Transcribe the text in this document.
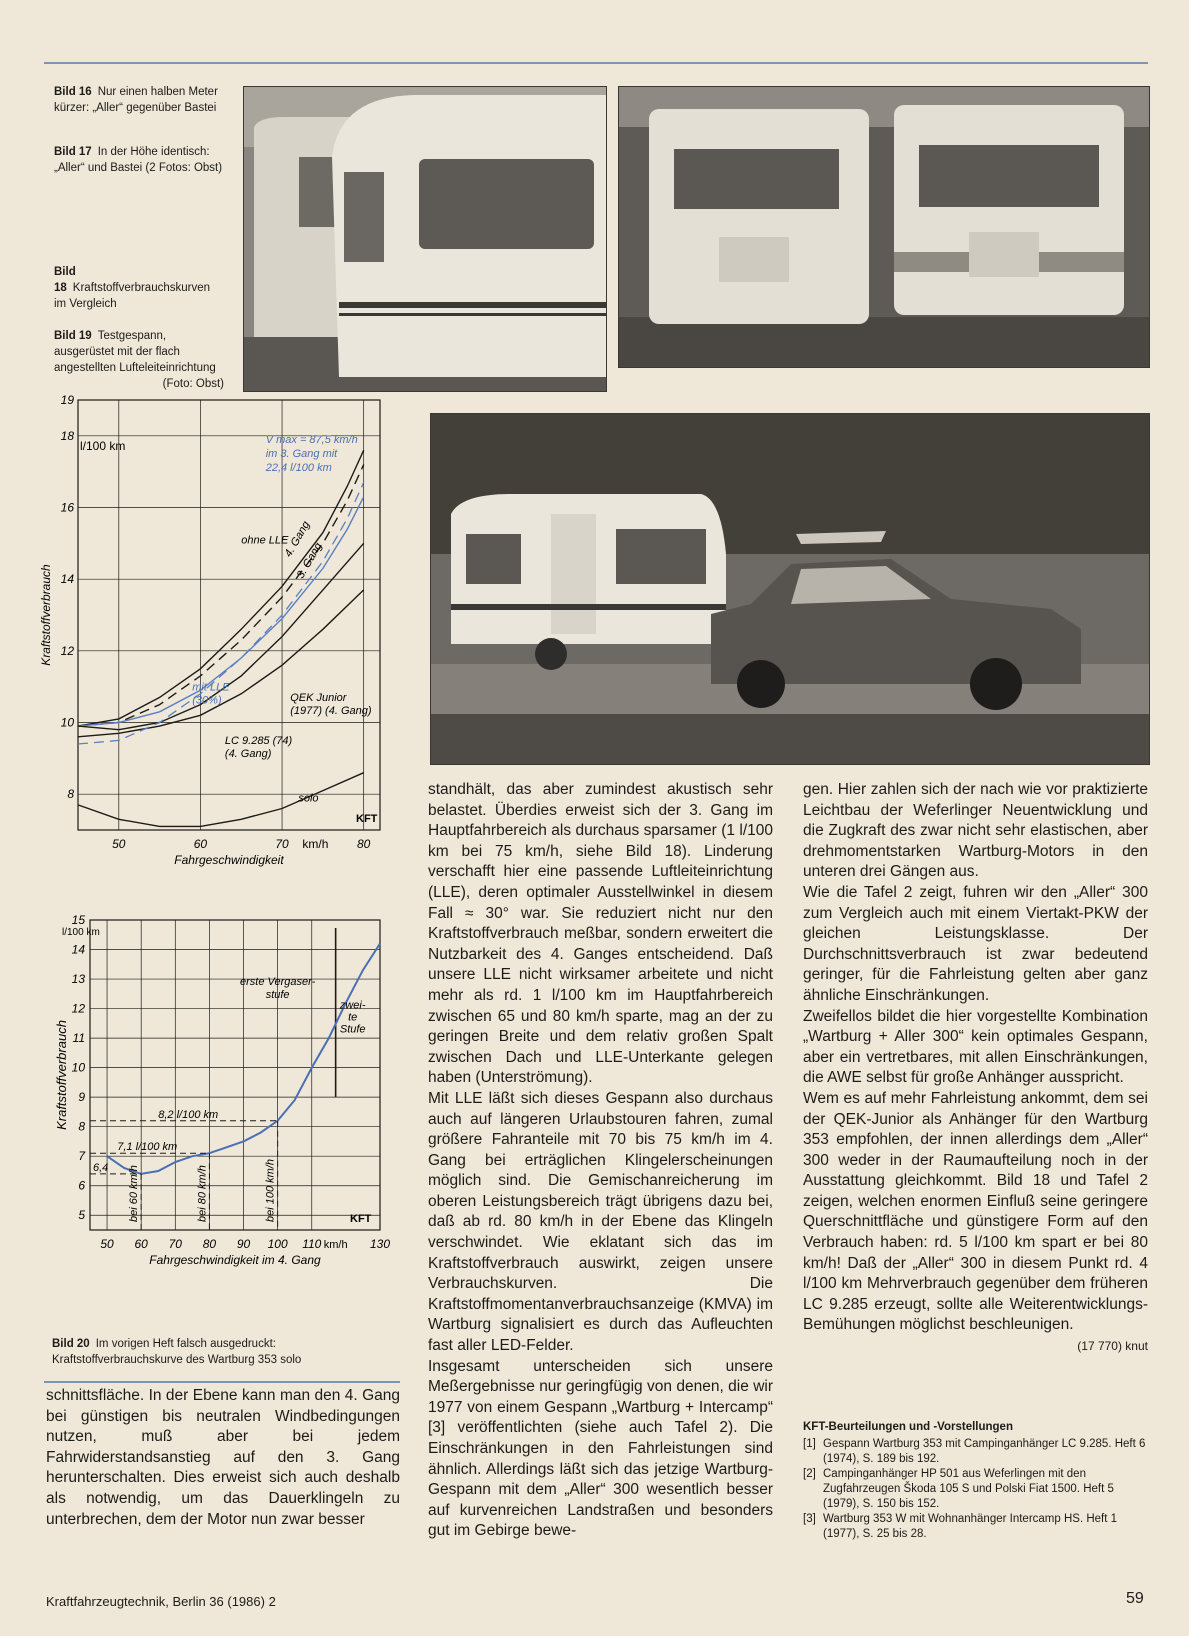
Bild 16 Nur einen halben Meter kürzer: „Aller“ gegenüber Bastei
Bild 17 In der Höhe identisch: „Aller“ und Bastei (2 Fotos: Obst)
Bild 18 Kraftstoffverbrauchskurven im Vergleich
Bild 19 Testgespann, ausgerüstet mit der flach angestellten Lufteleiteinrichtung
(Foto: Obst)
50	60	70	80
8
10
12
14
16
18
19
km/h
Fahrgeschwindigkeit
l/100 km
Kraftstoffverbrauch
KFT
V max = 87,5 km/h
im 3. Gang mit
22,4 l/100 km
ohne LLE
4. Gang
3. Gang
mit LLE
(30%)	QEK Junior
(1977) (4. Gang)
LC 9.285 (74)
(4. Gang)
solo
50 60 70 80 90 100 110	130
5
6
7
8
9
10
11
12
13
14
15
km/h
Fahrgeschwindigkeit im 4. Gang
l/100 km
Kraftstoffverbrauch
KFT
erste Vergaser-
stufe
zwei-
te
Stufe
8,2 l/100 km
7,1 l/100 km
6,4 bei 60 km/h	bei 80 km/h	bei 100 km/h
Bild 20 Im vorigen Heft falsch ausgedruckt: Kraftstoffverbrauchskurve des Wartburg 353 solo

schnittsfläche. In der Ebene kann man den 4. Gang bei günstigen bis neutralen Windbedingungen nutzen, muß aber bei jedem Fahrwiderstandsanstieg auf den 3. Gang herunterschalten. Dies erweist sich auch deshalb als notwendig, um das Dauerklingeln zu unterbrechen, dem der Motor nun zwar besser

standhält, das aber zumindest akustisch sehr belastet. Überdies erweist sich der 3. Gang im Hauptfahrbereich als durchaus sparsamer (1 l/100 km bei 75 km/h, siehe Bild 18). Linderung verschafft hier eine passende Luftleiteinrichtung (LLE), deren optimaler Ausstellwinkel in diesem Fall ≈ 30° war. Sie reduziert nicht nur den Kraftstoffverbrauch meßbar, sondern erweitert die Nutzbarkeit des 4. Ganges entscheidend. Daß unsere LLE nicht wirksamer arbeitete und nicht mehr als rd. 1 l/100 km im Hauptfahrbereich zwischen 65 und 80 km/h sparte, mag an der zu geringen Breite und dem relativ großen Spalt zwischen Dach und LLE-Unterkante gelegen haben (Unterströmung).

Mit LLE läßt sich dieses Gespann also durchaus auch auf längeren Urlaubstouren fahren, zumal größere Fahranteile mit 70 bis 75 km/h im 4. Gang bei erträglichen Klingelerscheinungen möglich sind. Die Gemischanreicherung im oberen Leistungsbereich trägt übrigens dazu bei, daß ab rd. 80 km/h in der Ebene das Klingeln verschwindet. Wie eklatant sich das im Kraftstoffverbrauch auswirkt, zeigen unsere Verbrauchskurven. Die Kraftstoffmomentanverbrauchsanzeige (KMVA) im Wartburg signalisiert es durch das Aufleuchten fast aller LED-Felder.

Insgesamt unterscheiden sich unsere Meßergebnisse nur geringfügig von denen, die wir 1977 von einem Gespann „Wartburg + Intercamp“ [3] veröffentlichten (siehe auch Tafel 2). Die Einschränkungen in den Fahrleistungen sind ähnlich. Allerdings läßt sich das jetzige Wartburg-Gespann mit dem „Aller“ 300 wesentlich besser auf kurvenreichen Landstraßen und besonders gut im Gebirge bewe-

gen. Hier zahlen sich der nach wie vor praktizierte Leichtbau der Weferlinger Neuentwicklung und die Zugkraft des zwar nicht sehr elastischen, aber drehmomentstarken Wartburg-Motors in den unteren drei Gängen aus.

Wie die Tafel 2 zeigt, fuhren wir den „Aller“ 300 zum Vergleich auch mit einem Viertakt-PKW der gleichen Leistungsklasse. Der Durchschnittsverbrauch ist zwar bedeutend geringer, für die Fahrleistung gelten aber ganz ähnliche Einschränkungen.

Zweifellos bildet die hier vorgestellte Kombination „Wartburg + Aller 300“ kein optimales Gespann, aber ein vertretbares, mit allen Einschränkungen, die AWE selbst für große Anhänger ausspricht.

Wem es auf mehr Fahrleistung ankommt, dem sei der QEK-Junior als Anhänger für den Wartburg 353 empfohlen, der innen allerdings dem „Aller“ 300 weder in der Raumaufteilung noch in der Ausstattung gleichkommt. Bild 18 und Tafel 2 zeigen, welchen enormen Einfluß seine geringere Querschnittfläche und günstigere Form auf den Verbrauch haben: rd. 5 l/100 km spart er bei 80 km/h! Daß der „Aller“ 300 in diesem Punkt rd. 4 l/100 km Mehrverbrauch gegenüber dem früheren LC 9.285 erzeugt, sollte alle Weiterentwicklungs-Bemühungen möglichst beschleunigen.

(17 770) knut
KFT-Beurteilungen und -Vorstellungen
[1] Gespann Wartburg 353 mit Campinganhänger LC 9.285. Heft 6 (1974), S. 189 bis 192.
[2] Campinganhänger HP 501 aus Weferlingen mit den Zugfahrzeugen Škoda 105 S und Polski Fiat 1500. Heft 5 (1979), S. 150 bis 152.
[3] Wartburg 353 W mit Wohnanhänger Intercamp HS. Heft 1 (1977), S. 25 bis 28.
Kraftfahrzeugtechnik, Berlin 36 (1986) 2	59
